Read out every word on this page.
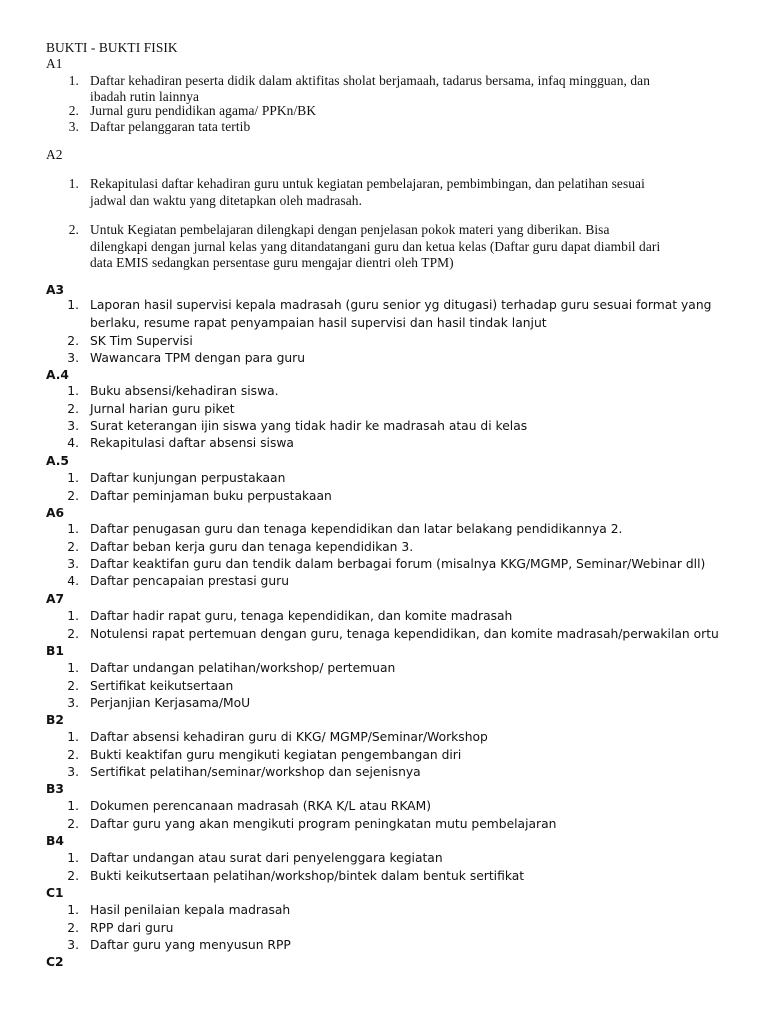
BUKTI - BUKTI FISIK
A1
1. Daftar kehadiran peserta didik dalam aktifitas sholat berjamaah, tadarus bersama, infaq mingguan, dan
ibadah rutin lainnya
2. Jurnal guru pendidikan agama/ PPKn/BK
3. Daftar pelanggaran tata tertib
A2
1. Rekapitulasi daftar kehadiran guru untuk kegiatan pembelajaran, pembimbingan, dan pelatihan sesuai
jadwal dan waktu yang ditetapkan oleh madrasah.
2. Untuk Kegiatan pembelajaran dilengkapi dengan penjelasan pokok materi yang diberikan. Bisa
dilengkapi dengan jurnal kelas yang ditandatangani guru dan ketua kelas (Daftar guru dapat diambil dari
data EMIS sedangkan persentase guru mengajar dientri oleh TPM)
A3
1. Laporan hasil supervisi kepala madrasah (guru senior yg ditugasi) terhadap guru sesuai format yang
berlaku, resume rapat penyampaian hasil supervisi dan hasil tindak lanjut
2. SK Tim Supervisi
3. Wawancara TPM dengan para guru
A.4
1. Buku absensi/kehadiran siswa.
2. Jurnal harian guru piket
3. Surat keterangan ijin siswa yang tidak hadir ke madrasah atau di kelas
4. Rekapitulasi daftar absensi siswa
A.5
1. Daftar kunjungan perpustakaan
2. Daftar peminjaman buku perpustakaan
A6
1. Daftar penugasan guru dan tenaga kependidikan dan latar belakang pendidikannya 2.
2. Daftar beban kerja guru dan tenaga kependidikan 3.
3. Daftar keaktifan guru dan tendik dalam berbagai forum (misalnya KKG/MGMP, Seminar/Webinar dll)
4. Daftar pencapaian prestasi guru
A7
1. Daftar hadir rapat guru, tenaga kependidikan, dan komite madrasah
2. Notulensi rapat pertemuan dengan guru, tenaga kependidikan, dan komite madrasah/perwakilan ortu
B1
1. Daftar undangan pelatihan/workshop/ pertemuan
2. Sertifikat keikutsertaan
3. Perjanjian Kerjasama/MoU
B2
1. Daftar absensi kehadiran guru di KKG/ MGMP/Seminar/Workshop
2. Bukti keaktifan guru mengikuti kegiatan pengembangan diri
3. Sertifikat pelatihan/seminar/workshop dan sejenisnya
B3
1. Dokumen perencanaan madrasah (RKA K/L atau RKAM)
2. Daftar guru yang akan mengikuti program peningkatan mutu pembelajaran
B4
1. Daftar undangan atau surat dari penyelenggara kegiatan
2. Bukti keikutsertaan pelatihan/workshop/bintek dalam bentuk sertifikat
C1
1. Hasil penilaian kepala madrasah
2. RPP dari guru
3. Daftar guru yang menyusun RPP
C2
